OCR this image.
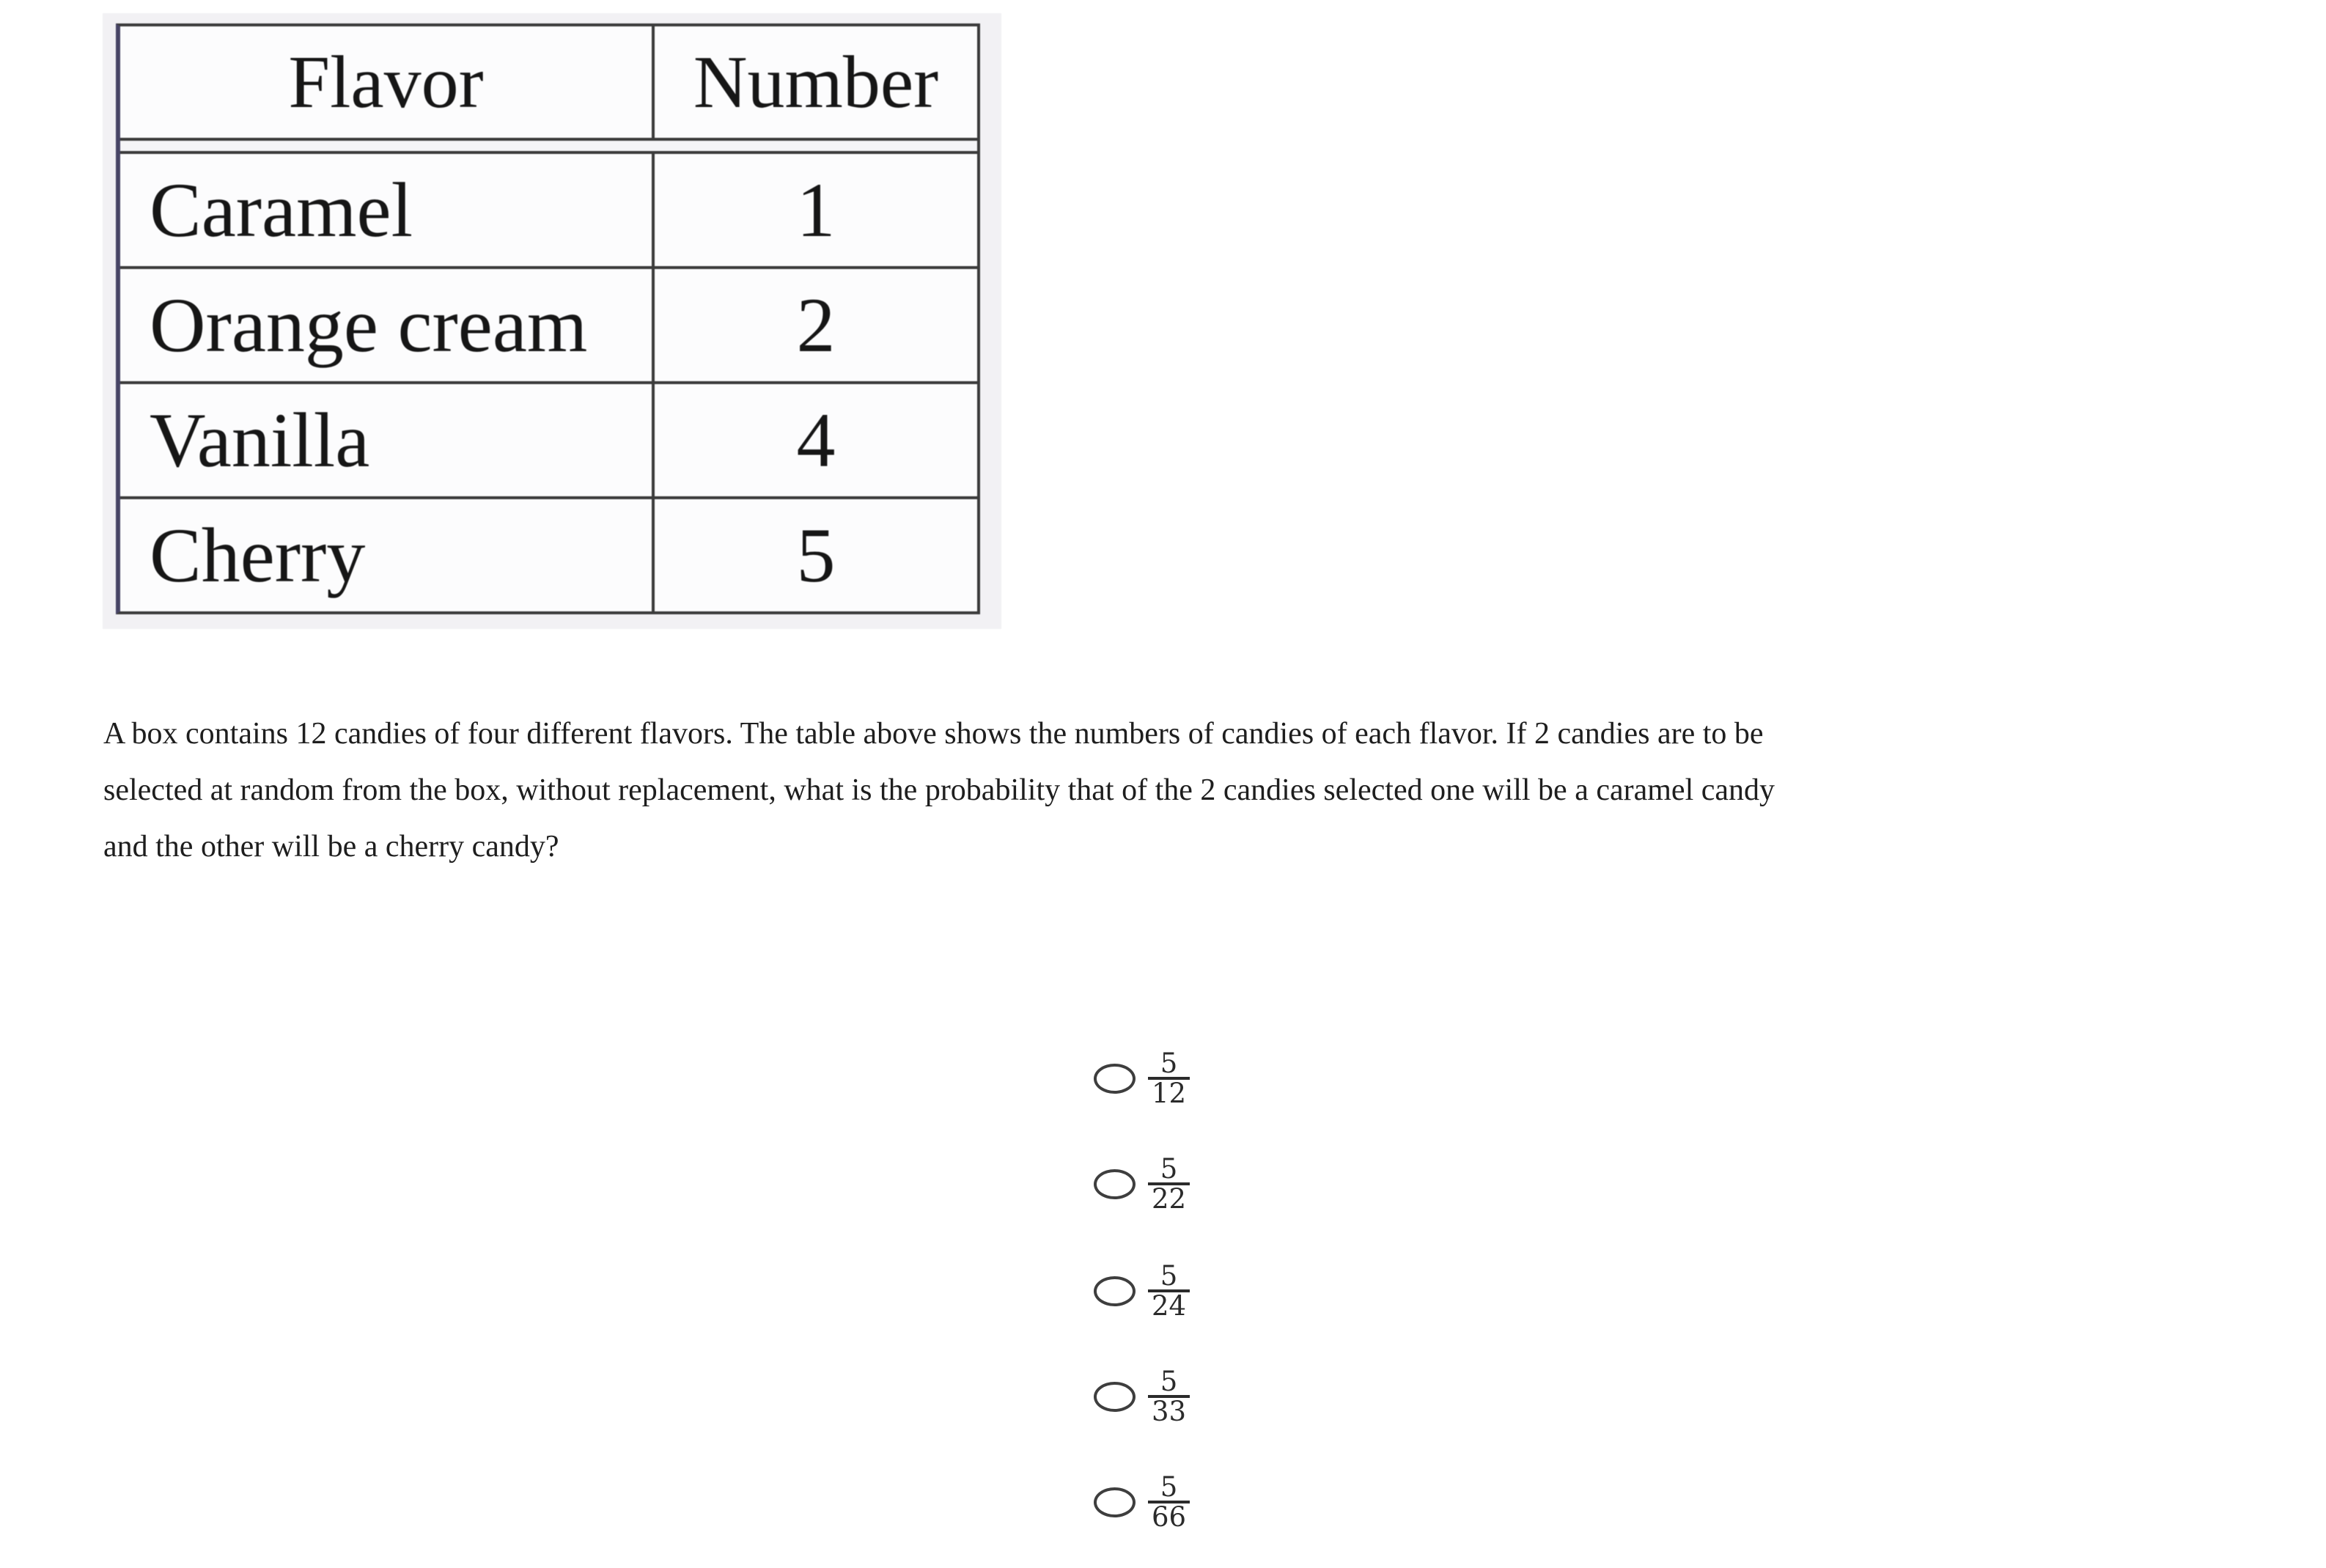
Flavor	Number
Caramel	1
Orange cream	2
Vanilla	4
Cherry	5
A box contains 12 candies of four different flavors. The table above shows the numbers of candies of each flavor. If 2 candies are to be
selected at random from the box, without replacement, what is the probability that of the 2 candies selected one will be a caramel candy
and the other will be a cherry candy?
$\frac{5}{12}$
$\frac{5}{22}$
$\frac{5}{24}$
$\frac{5}{33}$
$\frac{5}{66}$
